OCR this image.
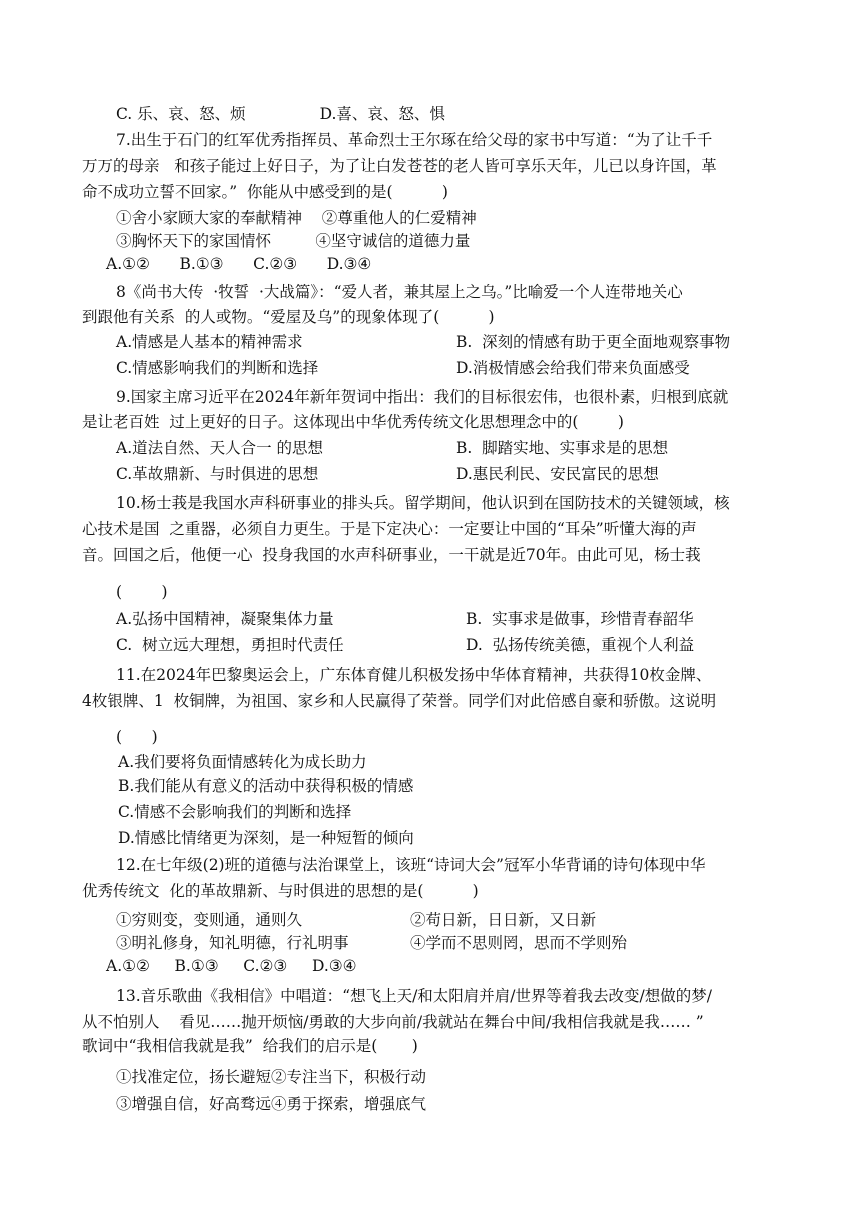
C. 乐、哀、怒、烦               D.喜、哀、怒、惧
7.出生于石门的红军优秀指挥员、革命烈士王尔琢在给父母的家书中写道：“为了让千千
万万的母亲   和孩子能过上好日子，为了让白发苍苍的老人皆可享乐天年，儿已以身许国，革
命不成功立誓不回家。”  你能从中感受到的是(          )
①舍小家顾大家的奉献精神    ②尊重他人的仁爱精神
③胸怀天下的家国情怀         ④坚守诚信的道德力量
A.①②      B.①③      C.②③      D.③④
8《尚书大传  ·牧誓  ·大战篇》：“爱人者，兼其屋上之乌。”比喻爱一个人连带地关心
到跟他有关系  的人或物。“爱屋及乌”的现象体现了(          )
A.情感是人基本的精神需求	B.  深刻的情感有助于更全面地观察事物
C.情感影响我们的判断和选择	D.消极情感会给我们带来负面感受
9.国家主席习近平在2024年新年贺词中指出：我们的目标很宏伟，也很朴素，归根到底就
是让老百姓  过上更好的日子。这体现出中华优秀传统文化思想理念中的(        )
A.道法自然、天人合一 的思想	B.  脚踏实地、实事求是的思想
C.革故鼎新、与时俱进的思想	D.惠民利民、安民富民的思想
10.杨士莪是我国水声科研事业的排头兵。留学期间，他认识到在国防技术的关键领域，核
心技术是国  之重器，必须自力更生。于是下定决心：一定要让中国的“耳朵”听懂大海的声
音。回国之后，他便一心  投身我国的水声科研事业，一干就是近70年。由此可见，杨士莪
(        )
A.弘扬中国精神，凝聚集体力量	B.  实事求是做事，珍惜青春韶华
C.  树立远大理想，勇担时代责任	D.  弘扬传统美德，重视个人利益
11.在2024年巴黎奥运会上，广东体育健儿积极发扬中华体育精神，共获得10枚金牌、
4枚银牌、1  枚铜牌，为祖国、家乡和人民赢得了荣誉。同学们对此倍感自豪和骄傲。这说明
(      )
A.我们要将负面情感转化为成长助力
B.我们能从有意义的活动中获得积极的情感
C.情感不会影响我们的判断和选择
D.情感比情绪更为深刻，是一种短暂的倾向
12.在七年级(2)班的道德与法治课堂上，该班“诗词大会”冠军小华背诵的诗句体现中华
优秀传统文  化的革故鼎新、与时俱进的思想的是(          )
①穷则变，变则通，通则久	②苟日新，日日新，又日新
③明礼修身，知礼明德，行礼明事	④学而不思则罔，思而不学则殆
A.①②     B.①③     C.②③     D.③④
13.音乐歌曲《我相信》中唱道：“想飞上天/和太阳肩并肩/世界等着我去改变/想做的梦/
从不怕别人    看见……抛开烦恼/勇敢的大步向前/我就站在舞台中间/我相信我就是我…… ”
歌词中“我相信我就是我”  给我们的启示是(       )
①找准定位，扬长避短②专注当下，积极行动
③增强自信，好高骛远④勇于探索，增强底气
